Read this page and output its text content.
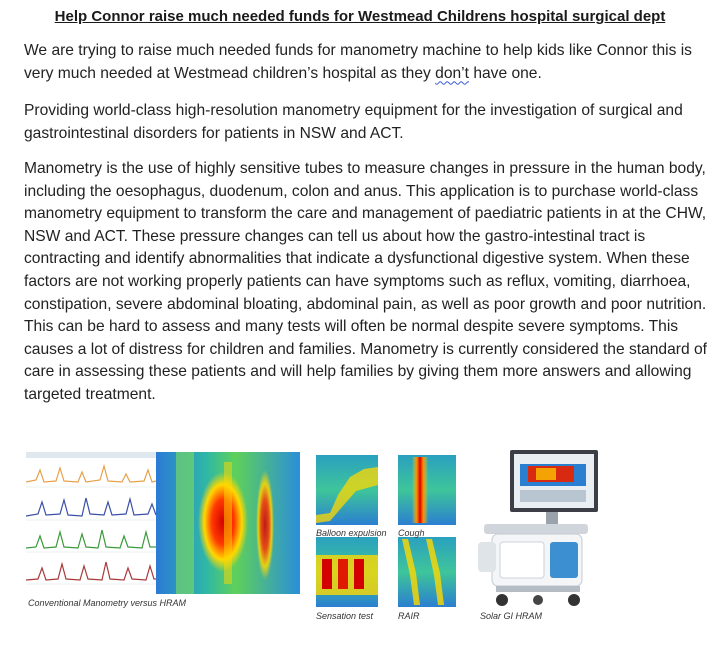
Help Connor raise much needed funds for Westmead Childrens hospital surgical dept

We are trying to raise much needed funds for manometry machine to help kids like Connor this is very much needed at Westmead children’s hospital as they don’t have one.

Providing world-class high-resolution manometry equipment for the investigation of surgical and gastrointestinal disorders for patients in NSW and ACT.

Manometry is the use of highly sensitive tubes to measure changes in pressure in the human body, including the oesophagus, duodenum, colon and anus. This application is to purchase world-class manometry equipment to transform the care and management of paediatric patients in at the CHW, NSW and ACT. These pressure changes can tell us about how the gastro-intestinal tract is contracting and identify abnormalities that indicate a dysfunctional digestive system. When these factors are not working properly patients can have symptoms such as reflux, vomiting, diarrhoea, constipation, severe abdominal bloating, abdominal pain, as well as poor growth and poor nutrition. This can be hard to assess and many tests will often be normal despite severe symptoms. This causes a lot of distress for children and families. Manometry is currently considered the standard of care in assessing these patients and will help families by giving them more answers and allowing targeted treatment.

Conventional Manometry versus HRAM
Balloon expulsion Cough
Sensation test	RAIR	Solar GI HRAM
